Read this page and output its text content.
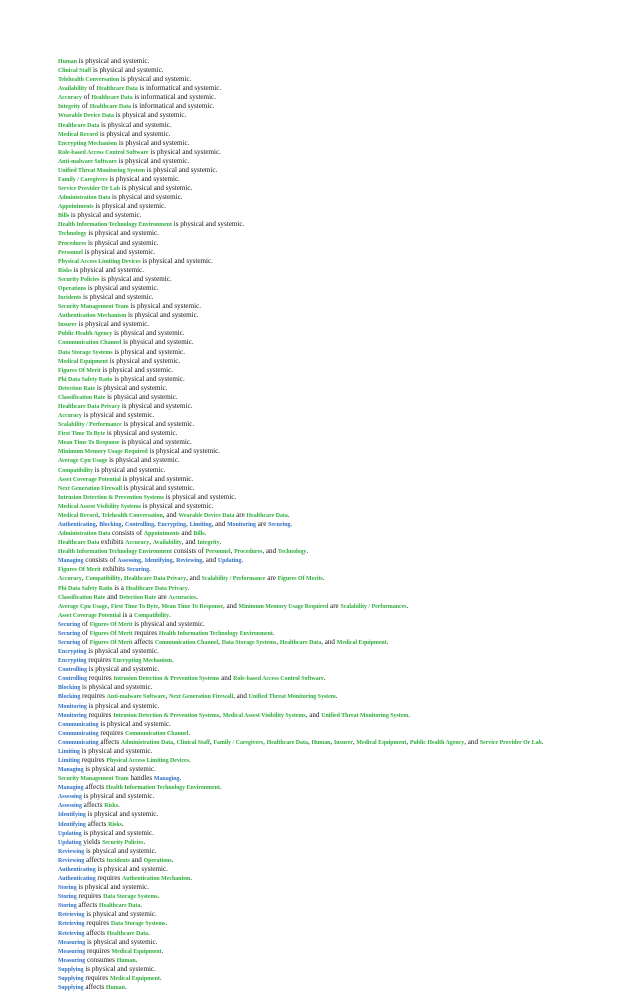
Human is physical and systemic.
Clinical Staff is physical and systemic.
Telehealth Conversation is physical and systemic.
Availability of Healthcare Data is informatical and systemic.
Accuracy of Healthcare Data is informatical and systemic.
Integrity of Healthcare Data is informatical and systemic.
Wearable Device Data is physical and systemic.
Healthcare Data is physical and systemic.
Medical Record is physical and systemic.
Encrypting Mechanism is physical and systemic.
Role-based Access Control Software is physical and systemic.
Anti-malware Software is physical and systemic.
Unified Threat Monitoring System is physical and systemic.
Family / Caregivers is physical and systemic.
Service Provider Or Lab is physical and systemic.
Administration Data is physical and systemic.
Appointments is physical and systemic.
Bills is physical and systemic.
Health Information Technology Environment is physical and systemic.
Technology is physical and systemic.
Procedures is physical and systemic.
Personnel is physical and systemic.
Physical Access Limiting Devices is physical and systemic.
Risks is physical and systemic.
Security Policies is physical and systemic.
Operations is physical and systemic.
Incidents is physical and systemic.
Security Management Team is physical and systemic.
Authentication Mechanism is physical and systemic.
Insurer is physical and systemic.
Public Health Agency is physical and systemic.
Communication Channel is physical and systemic.
Data Storage Systems is physical and systemic.
Medical Equipment is physical and systemic.
Figures Of Merit is physical and systemic.
Phi Data Safety Ratio is physical and systemic.
Detection Rate is physical and systemic.
Classification Rate is physical and systemic.
Healthcare Data Privacy is physical and systemic.
Accuracy is physical and systemic.
Scalability / Performance is physical and systemic.
First Time To Byte is physical and systemic.
Mean Time To Response is physical and systemic.
Minimum Memory Usage Required is physical and systemic.
Average Cpu Usage is physical and systemic.
Compatibility is physical and systemic.
Asset Coverage Potential is physical and systemic.
Next Generation Firewall is physical and systemic.
Intrusion Detection & Prevention Systems is physical and systemic.
Medical Assest Visibility Systems is physical and systemic.
Medical Record, Telehealth Conversation, and Wearable Device Data are Healthcare Data.
Authenticating, Blocking, Controlling, Encrypting, Limiting, and Monitoring are Securing.
Administration Data consists of Appointments and Bills.
Healthcare Data exhibits Accuracy, Availability, and Integrity.
Health Information Technology Environment consists of Personnel, Procedures, and Technology.
Managing consists of Assessing, Identifying, Reviewing, and Updating.
Figures Of Merit exhibits Securing.
Accuracy, Compatibility, Healthcare Data Privacy, and Scalability / Performance are Figures Of Merits.
Phi Data Safety Ratio is a Healthcare Data Privacy.
Classification Rate and Detection Rate are Accuracies.
Average Cpu Usage, First Time To Byte, Mean Time To Response, and Minimum Memory Usage Required are Scalability / Performances.
Asset Coverage Potential is a Compatibility.
Securing of Figures Of Merit is physical and systemic.
Securing of Figures Of Merit requires Health Information Technology Environment.
Securing of Figures Of Merit affects Communication Channel, Data Storage Systems, Healthcare Data, and Medical Equipment.
Encrypting is physical and systemic.
Encrypting requires Encrypting Mechanism.
Controlling is physical and systemic.
Controlling requires Intrusion Detection & Prevention Systems and Role-based Access Control Software.
Blocking is physical and systemic.
Blocking requires Anti-malware Software, Next Generation Firewall, and Unified Threat Monitoring System.
Monitoring is physical and systemic.
Monitoring requires Intrusion Detection & Prevention Systems, Medical Assest Visibility Systems, and Unified Threat Monitoring System.
Communicating is physical and systemic.
Communicating requires Communication Channel.
Communicating affects Administration Data, Clinical Staff, Family / Caregivers, Healthcare Data, Human, Insurer, Medical Equipment, Public Health Agency, and Service Provider Or Lab.
Limiting is physical and systemic.
Limiting requires Physical Access Limiting Devices.
Managing is physical and systemic.
Security Management Team handles Managing.
Managing affects Health Information Technology Environment.
Assessing is physical and systemic.
Assessing affects Risks.
Identifying is physical and systemic.
Identifying affects Risks.
Updating is physical and systemic.
Updating yields Security Policies.
Reviewing is physical and systemic.
Reviewing affects Incidents and Operations.
Authenticating is physical and systemic.
Authenticating requires Authentication Mechanism.
Storing is physical and systemic.
Storing requires Data Storage Systems.
Storing affects Healthcare Data.
Retrieving is physical and systemic.
Retrieving requires Data Storage Systems.
Retrieving affects Healthcare Data.
Measuring is physical and systemic.
Measuring requires Medical Equipment.
Measuring consumes Human.
Supplying is physical and systemic.
Supplying requires Medical Equipment.
Supplying affects Human.
